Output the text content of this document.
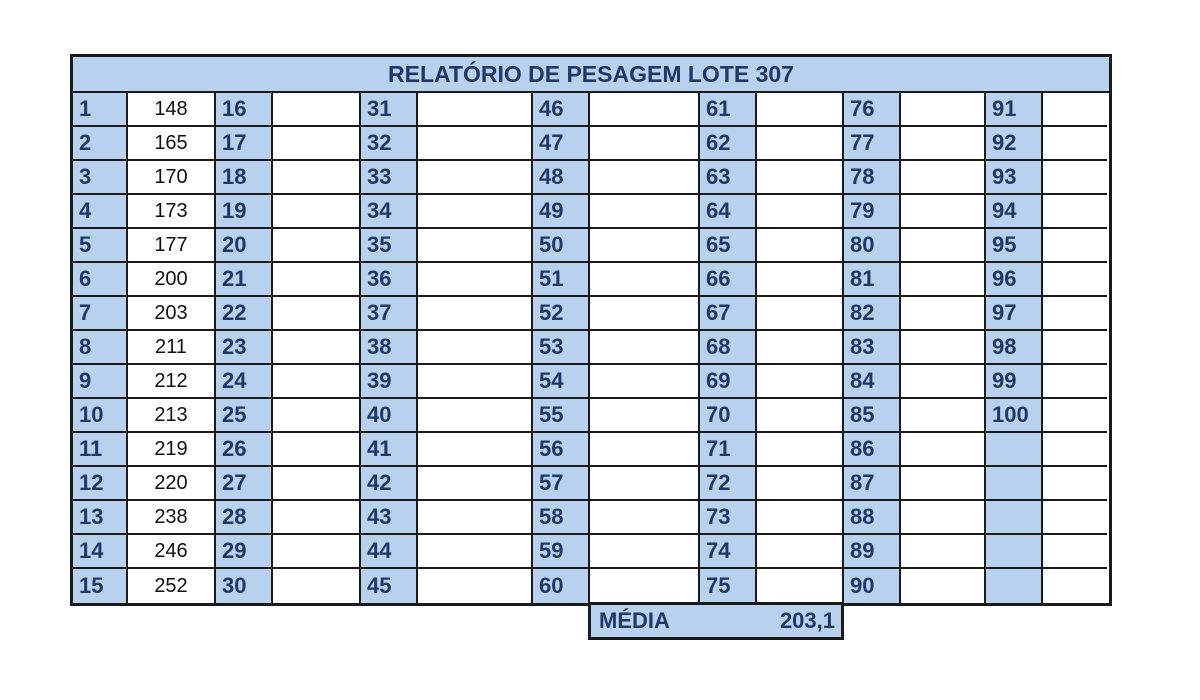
RELATÓRIO DE PESAGEM LOTE 307
1	148	16	31	46	61	76	91
2	165	17	32	47	62	77	92
3	170	18	33	48	63	78	93
4	173	19	34	49	64	79	94
5	177	20	35	50	65	80	95
6	200	21	36	51	66	81	96
7	203	22	37	52	67	82	97
8	211	23	38	53	68	83	98
9	212	24	39	54	69	84	99
10	213	25	40	55	70	85	100
11	219	26	41	56	71	86
12	220	27	42	57	72	87
13	238	28	43	58	73	88
14	246	29	44	59	74	89
15	252	30	45	60	75	90
MÉDIA	203,1
